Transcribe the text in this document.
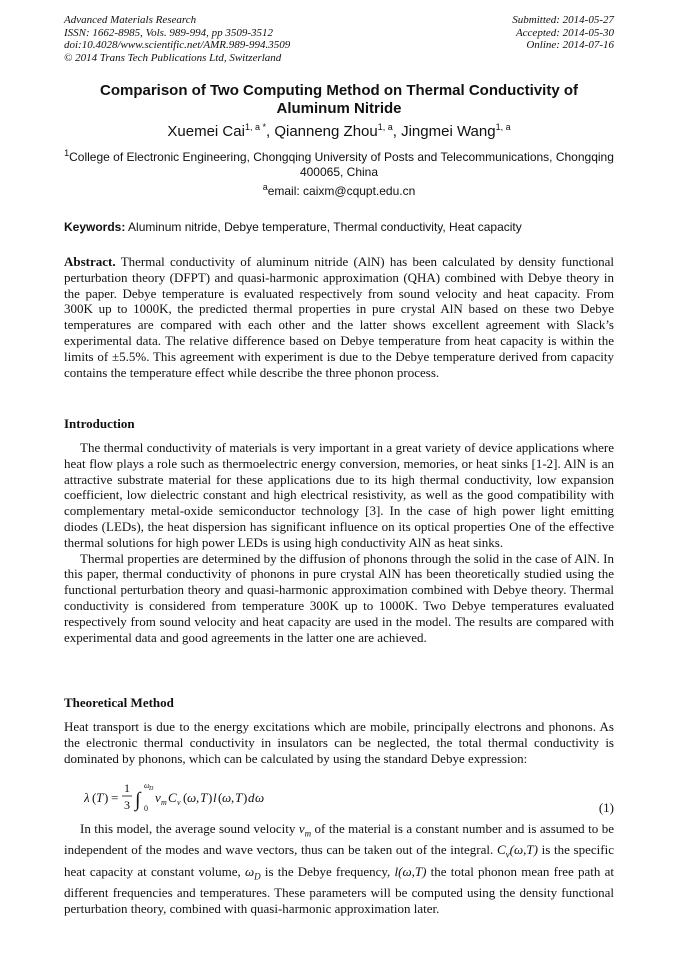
Advanced Materials Research
ISSN: 1662-8985, Vols. 989-994, pp 3509-3512
doi:10.4028/www.scientific.net/AMR.989-994.3509
© 2014 Trans Tech Publications Ltd, Switzerland
Submitted: 2014-05-27
Accepted: 2014-05-30
Online: 2014-07-16
Comparison of Two Computing Method on Thermal Conductivity of Aluminum Nitride
Xuemei Cai$^{1, a *}$, Qianneng Zhou$^{1, a}$, Jingmei Wang$^{1, a}$
$^1$College of Electronic Engineering, Chongqing University of Posts and Telecommunications, Chongqing 400065, China
$^a$email: caixm@cqupt.edu.cn
Keywords: Aluminum nitride, Debye temperature, Thermal conductivity, Heat capacity
Abstract. Thermal conductivity of aluminum nitride (AlN) has been calculated by density functional perturbation theory (DFPT) and quasi-harmonic approximation (QHA) combined with Debye theory in the paper. Debye temperature is evaluated respectively from sound velocity and heat capacity. From 300K up to 1000K, the predicted thermal properties in pure crystal AlN based on these two Debye temperatures are compared with each other and the latter shows excellent agreement with Slack’s experimental data. The relative difference based on Debye temperature from heat capacity is within the limits of ±5.5%. This agreement with experiment is due to the Debye temperature derived from capacity contains the temperature effect while describe the three phonon process.
Introduction

The thermal conductivity of materials is very important in a great variety of device applications where heat flow plays a role such as thermoelectric energy conversion, memories, or heat sinks [1-2]. AlN is an attractive substrate material for these applications due to its high thermal conductivity, low expansion coefficient, low dielectric constant and high electrical resistivity, as well as the good compatibility with complementary metal-oxide semiconductor technology [3]. In the case of high power light emitting diodes (LEDs), the heat dispersion has significant influence on its optical properties One of the effective thermal solutions for high power LEDs is using high conductivity AlN as heat sinks.

Thermal properties are determined by the diffusion of phonons through the solid in the case of AlN. In this paper, thermal conductivity of phonons in pure crystal AlN has been theoretically studied using the functional perturbation theory and quasi-harmonic approximation combined with Debye theory. Thermal conductivity is considered from temperature 300K up to 1000K. Two Debye temperatures evaluated respectively from sound velocity and heat capacity are used in the model. The results are compared with experimental data and good agreements in the latter one are achieved.

Theoretical Method
Heat transport is due to the energy excitations which are mobile, principally electrons and phonons. As the electronic thermal conductivity in insulators can be neglected, the total thermal conductivity is dominated by phonons, which can be calculated by using the standard Debye expression:
λ ( T ) =
1
3 ∫
ω D
0
v m C v ( ω , T ) l ( ω , T ) d ω
(1)
In this model, the average sound velocity $v_m$ of the material is a constant number and is assumed to be independent of the modes and wave vectors, thus can be taken out of the integral. $C_v(\omega,T)$ is the specific heat capacity at constant volume, $\omega_D$ is the Debye frequency, l(ω,T) the total phonon mean free path at different frequencies and temperatures. These parameters will be computed using the density functional perturbation theory, combined with quasi-harmonic approximation later.
